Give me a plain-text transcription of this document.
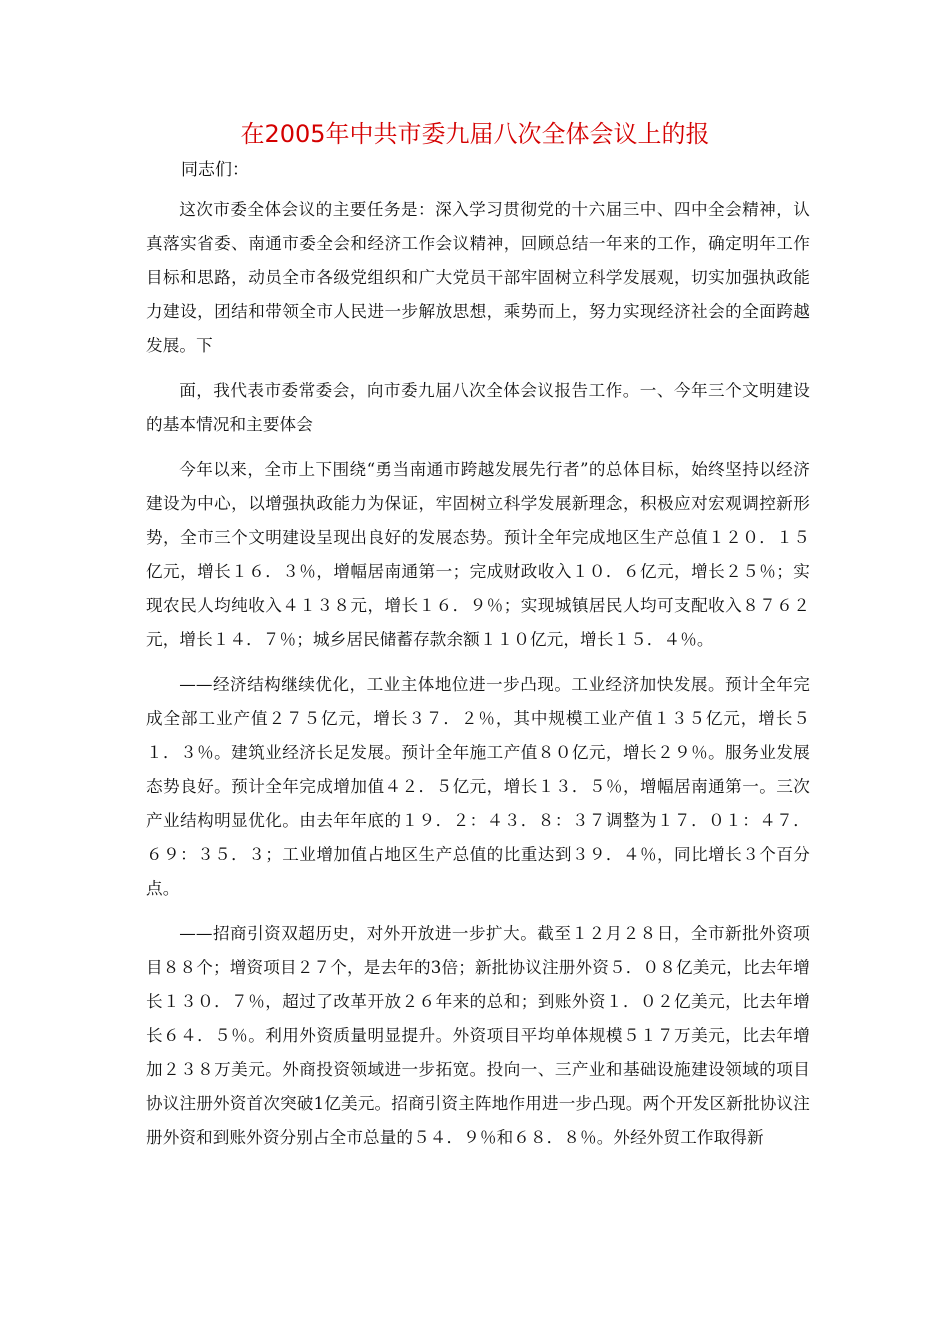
在2005年中共市委九届八次全体会议上的报
同志们：

这次市委全体会议的主要任务是：深入学习贯彻党的十六届三中、四中全会精神，认真落实省委、南通市委全会和经济工作会议精神，回顾总结一年来的工作，确定明年工作目标和思路，动员全市各级党组织和广大党员干部牢固树立科学发展观，切实加强执政能力建设，团结和带领全市人民进一步解放思想，乘势而上，努力实现经济社会的全面跨越发展。下

面，我代表市委常委会，向市委九届八次全体会议报告工作。一、今年三个文明建设的基本情况和主要体会

今年以来，全市上下围绕“勇当南通市跨越发展先行者”的总体目标，始终坚持以经济建设为中心，以增强执政能力为保证，牢固树立科学发展新理念，积极应对宏观调控新形势，全市三个文明建设呈现出良好的发展态势。预计全年完成地区生产总值１２０．１５亿元，增长１６．３％，增幅居南通第一；完成财政收入１０．６亿元，增长２５％；实现农民人均纯收入４１３８元，增长１６．９％；实现城镇居民人均可支配收入８７６２元，增长１４．７％；城乡居民储蓄存款余额１１０亿元，增长１５．４％。

——经济结构继续优化，工业主体地位进一步凸现。工业经济加快发展。预计全年完成全部工业产值２７５亿元，增长３７．２％，其中规模工业产值１３５亿元，增长５１．３％。建筑业经济长足发展。预计全年施工产值８０亿元，增长２９％。服务业发展态势良好。预计全年完成增加值４２．５亿元，增长１３．５％，增幅居南通第一。三次产业结构明显优化。由去年年底的１９．２：４３．８：３７调整为１７．０１：４７．６９：３５．３；工业增加值占地区生产总值的比重达到３９．４％，同比增长３个百分点。

——招商引资双超历史，对外开放进一步扩大。截至１２月２８日，全市新批外资项目８８个；增资项目２７个，是去年的3倍；新批协议注册外资５．０８亿美元，比去年增长１３０．７％，超过了改革开放２６年来的总和；到账外资１．０２亿美元，比去年增长６４．５％。利用外资质量明显提升。外资项目平均单体规模５１７万美元，比去年增加２３８万美元。外商投资领域进一步拓宽。投向一、三产业和基础设施建设领域的项目协议注册外资首次突破1亿美元。招商引资主阵地作用进一步凸现。两个开发区新批协议注册外资和到账外资分别占全市总量的５４．９％和６８．８％。外经外贸工作取得新
